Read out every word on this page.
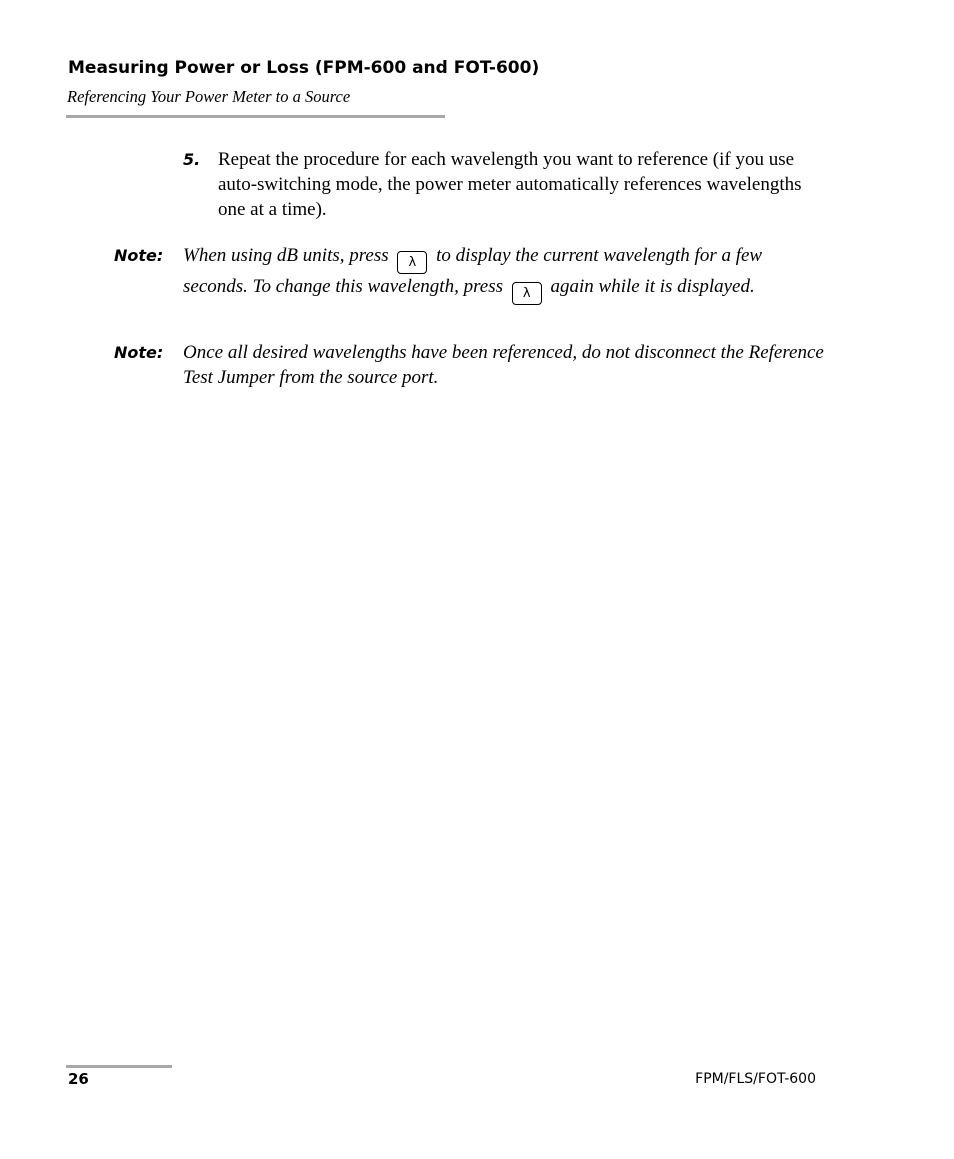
Measuring Power or Loss (FPM-600 and FOT-600)
Referencing Your Power Meter to a Source
5. Repeat the procedure for each wavelength you want to reference (if you use auto-switching mode, the power meter automatically references wavelengths one at a time).
Note: When using dB units, press λ to display the current wavelength for a few seconds. To change this wavelength, press λ again while it is displayed.
Note: Once all desired wavelengths have been referenced, do not disconnect the Reference Test Jumper from the source port.
26	FPM/FLS/FOT-600
